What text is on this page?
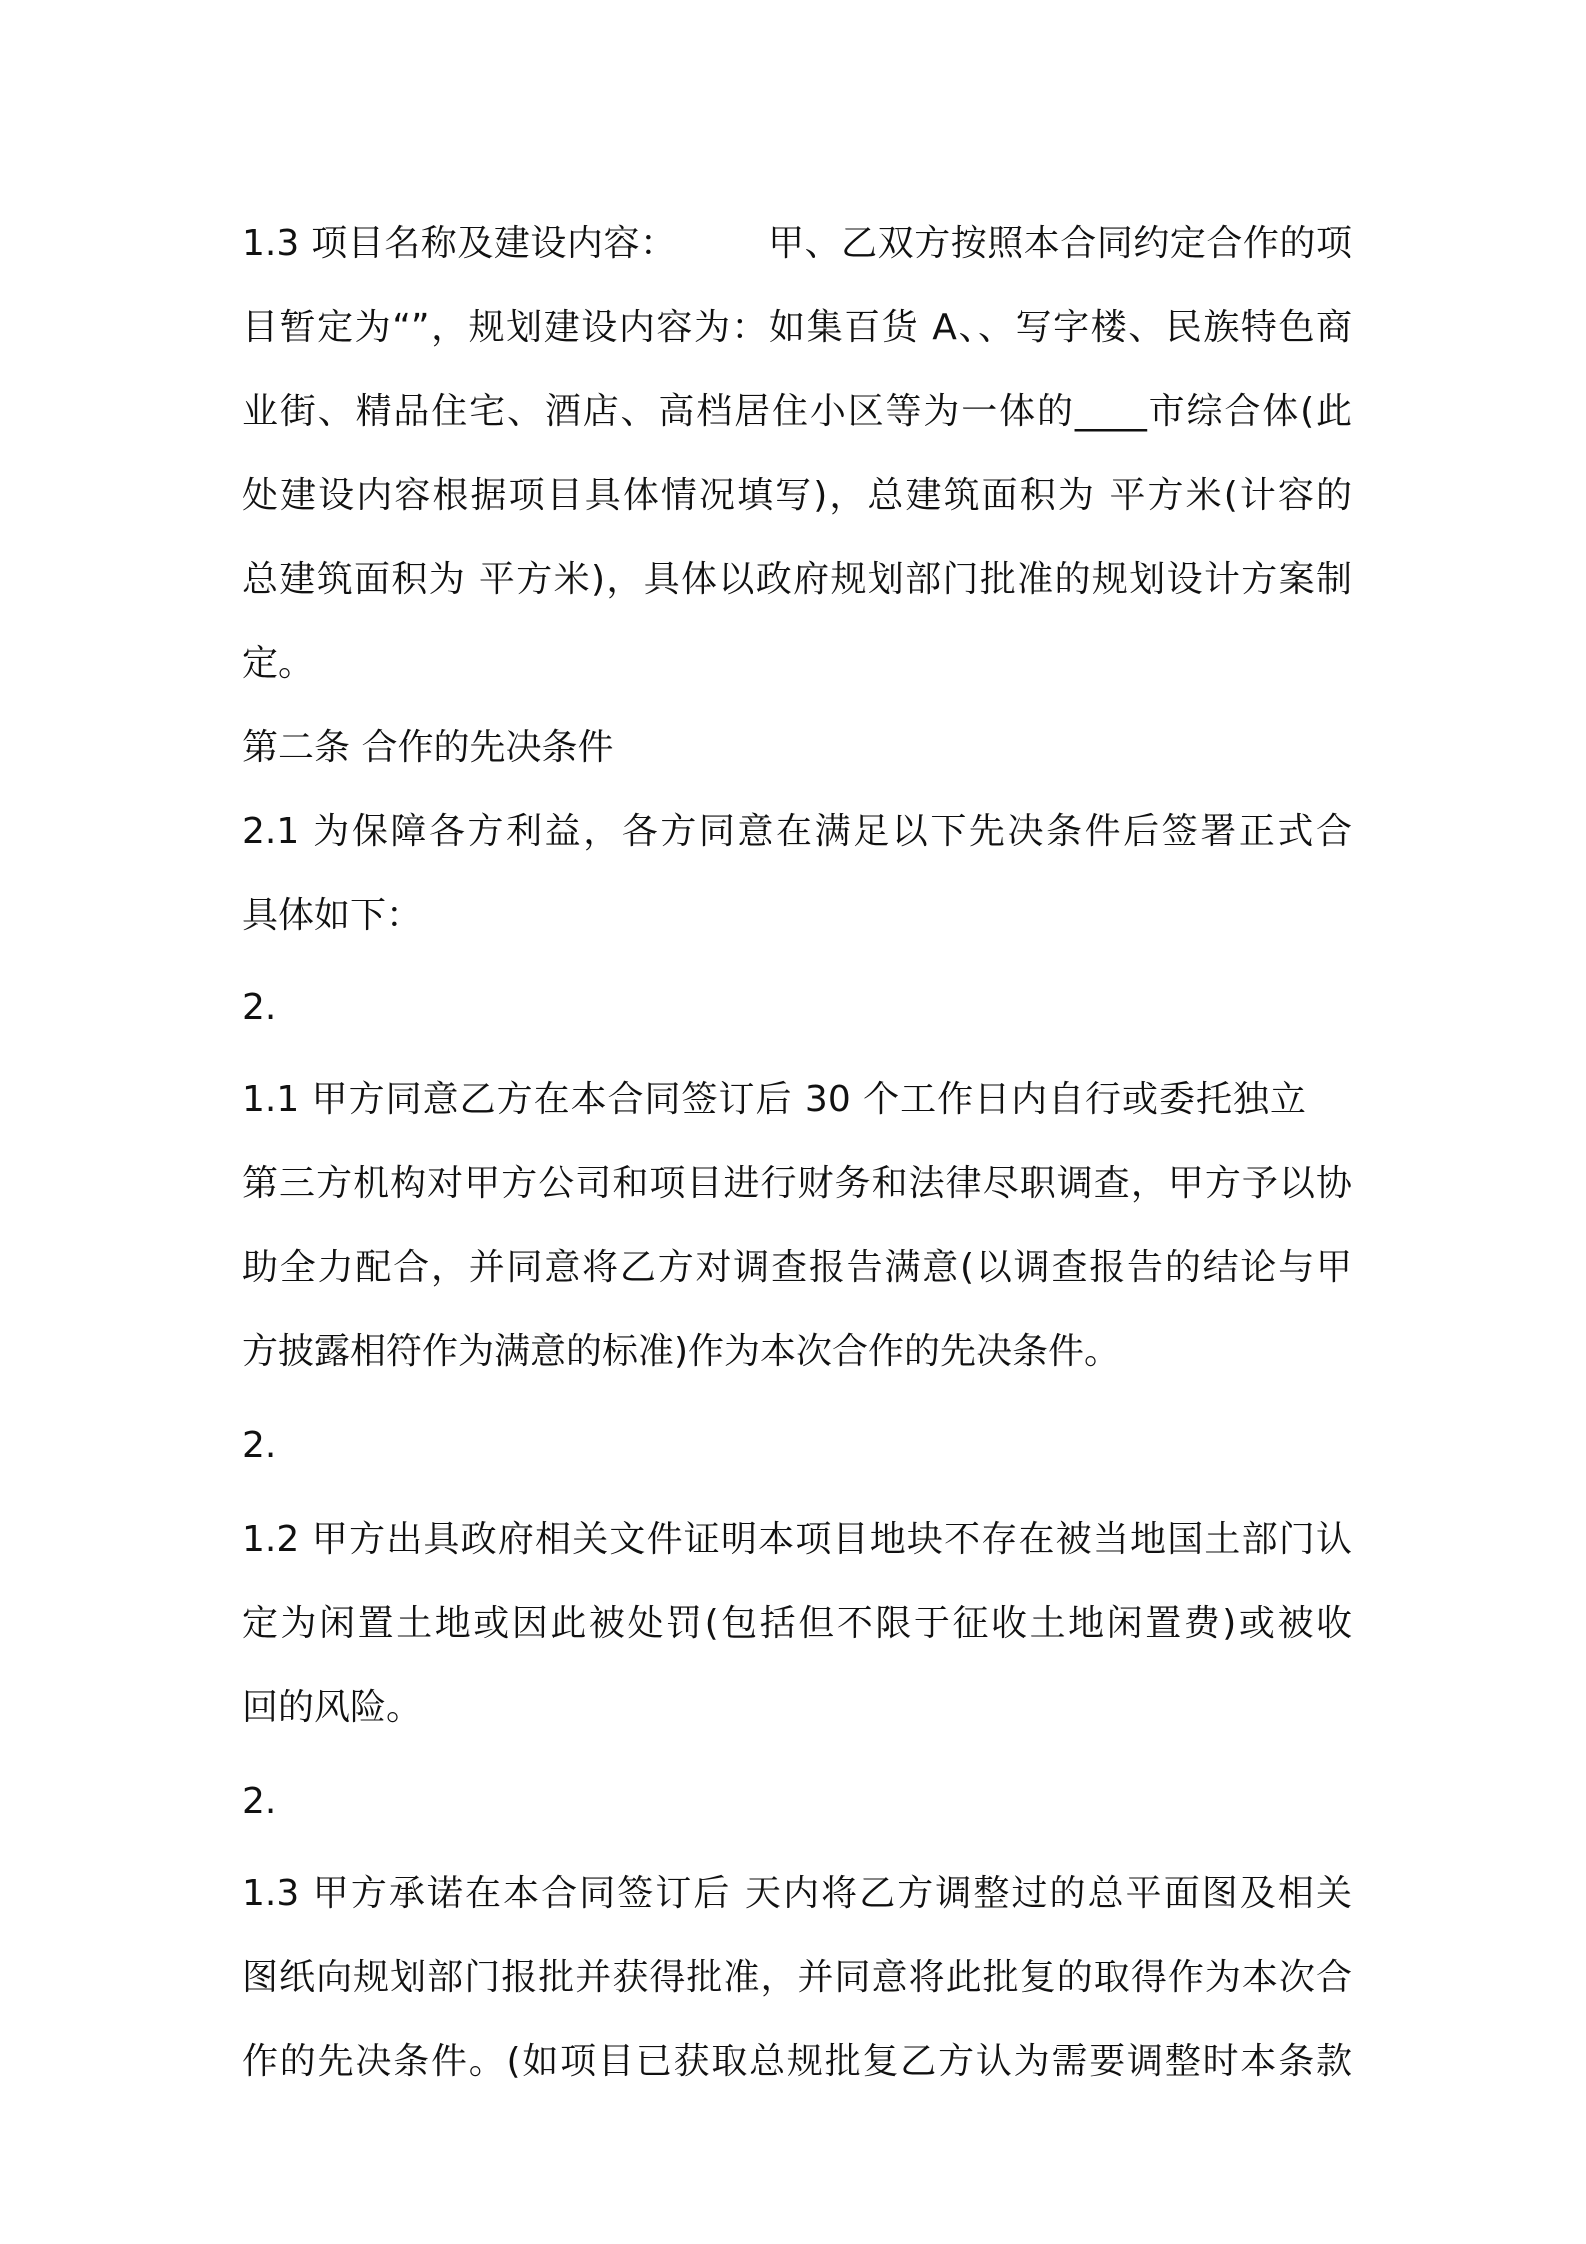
1.3 项目名称及建设内容：　　　甲、乙双方按照本合同约定合作的项
目暂定为“”，规划建设内容为：如集百货 A、、写字楼、民族特色商
业街、精品住宅、酒店、高档居住小区等为一体的____市综合体(此
处建设内容根据项目具体情况填写)，总建筑面积为 平方米(计容的
总建筑面积为 平方米)，具体以政府规划部门批准的规划设计方案制
定。
第二条 合作的先决条件
2.1 为保障各方利益，各方同意在满足以下先决条件后签署正式合
具体如下：
2.
1.1 甲方同意乙方在本合同签订后 30 个工作日内自行或委托独立
第三方机构对甲方公司和项目进行财务和法律尽职调查，甲方予以协
助全力配合，并同意将乙方对调查报告满意(以调查报告的结论与甲
方披露相符作为满意的标准)作为本次合作的先决条件。
2.
1.2 甲方出具政府相关文件证明本项目地块不存在被当地国土部门认
定为闲置土地或因此被处罚(包括但不限于征收土地闲置费)或被收
回的风险。
2.
1.3 甲方承诺在本合同签订后 天内将乙方调整过的总平面图及相关
图纸向规划部门报批并获得批准，并同意将此批复的取得作为本次合
作的先决条件。(如项目已获取总规批复乙方认为需要调整时本条款
